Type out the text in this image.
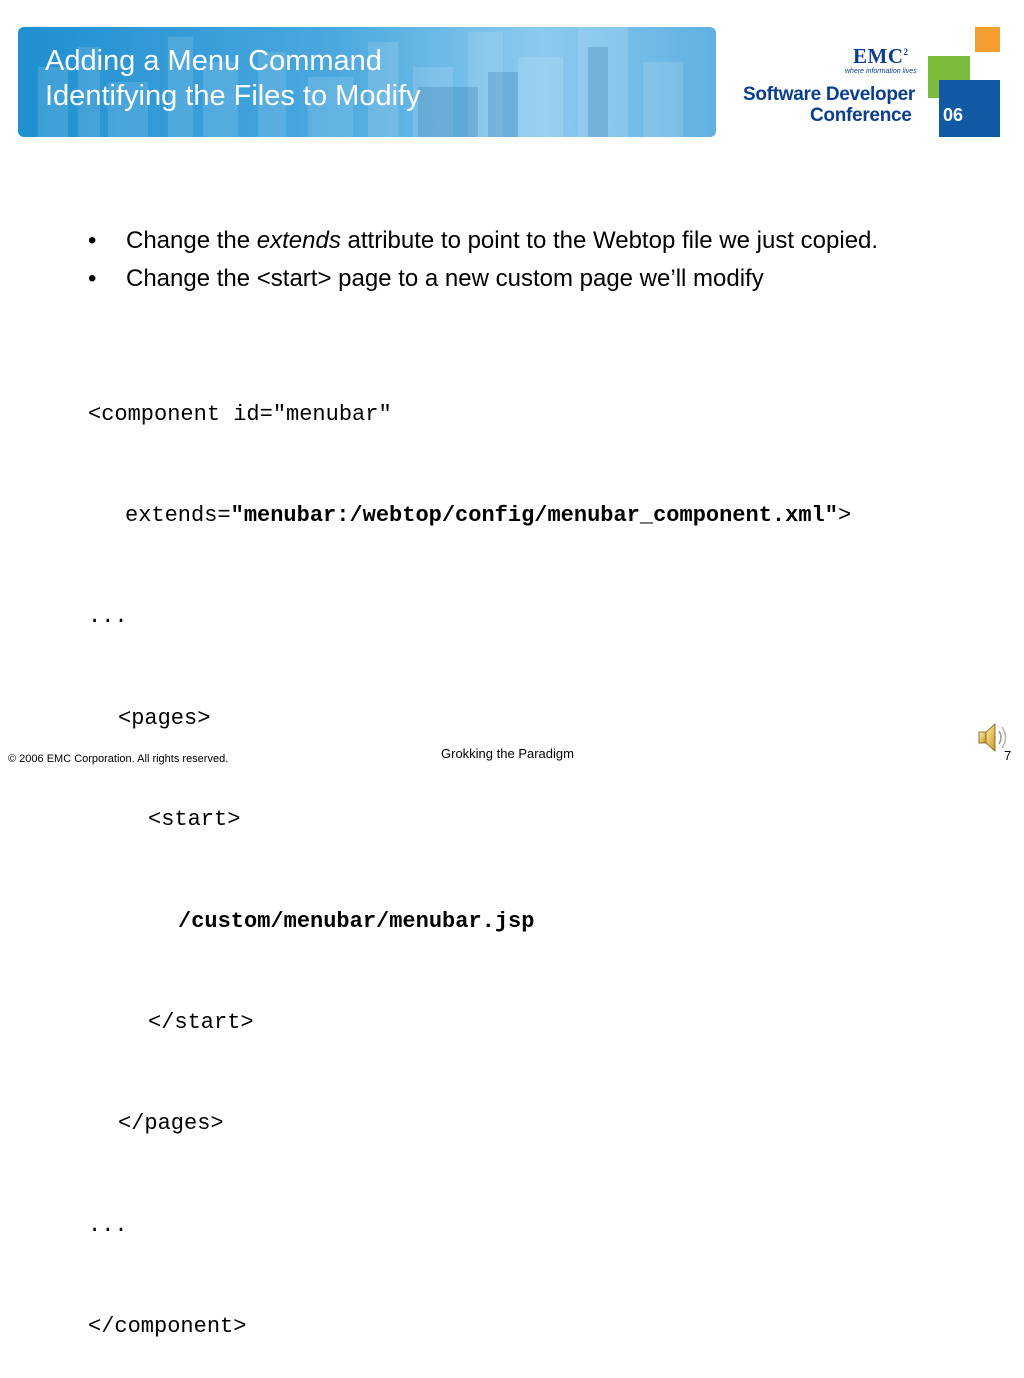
Adding a Menu Command
Identifying the Files to Modify
EMC$^2$
where information lives
Software Developer
Conference 06
• Change the extends attribute to point to the Webtop file we just copied.
• Change the <start> page to a new custom page we’ll modify

<component id="menubar"

extends="menubar:/webtop/config/menubar_component.xml">

...

<pages>

<start>

/custom/menubar/menubar.jsp

</start>

</pages>

...

</component>

© 2006 EMC Corporation. All rights reserved.	Grokking the Paradigm	7
